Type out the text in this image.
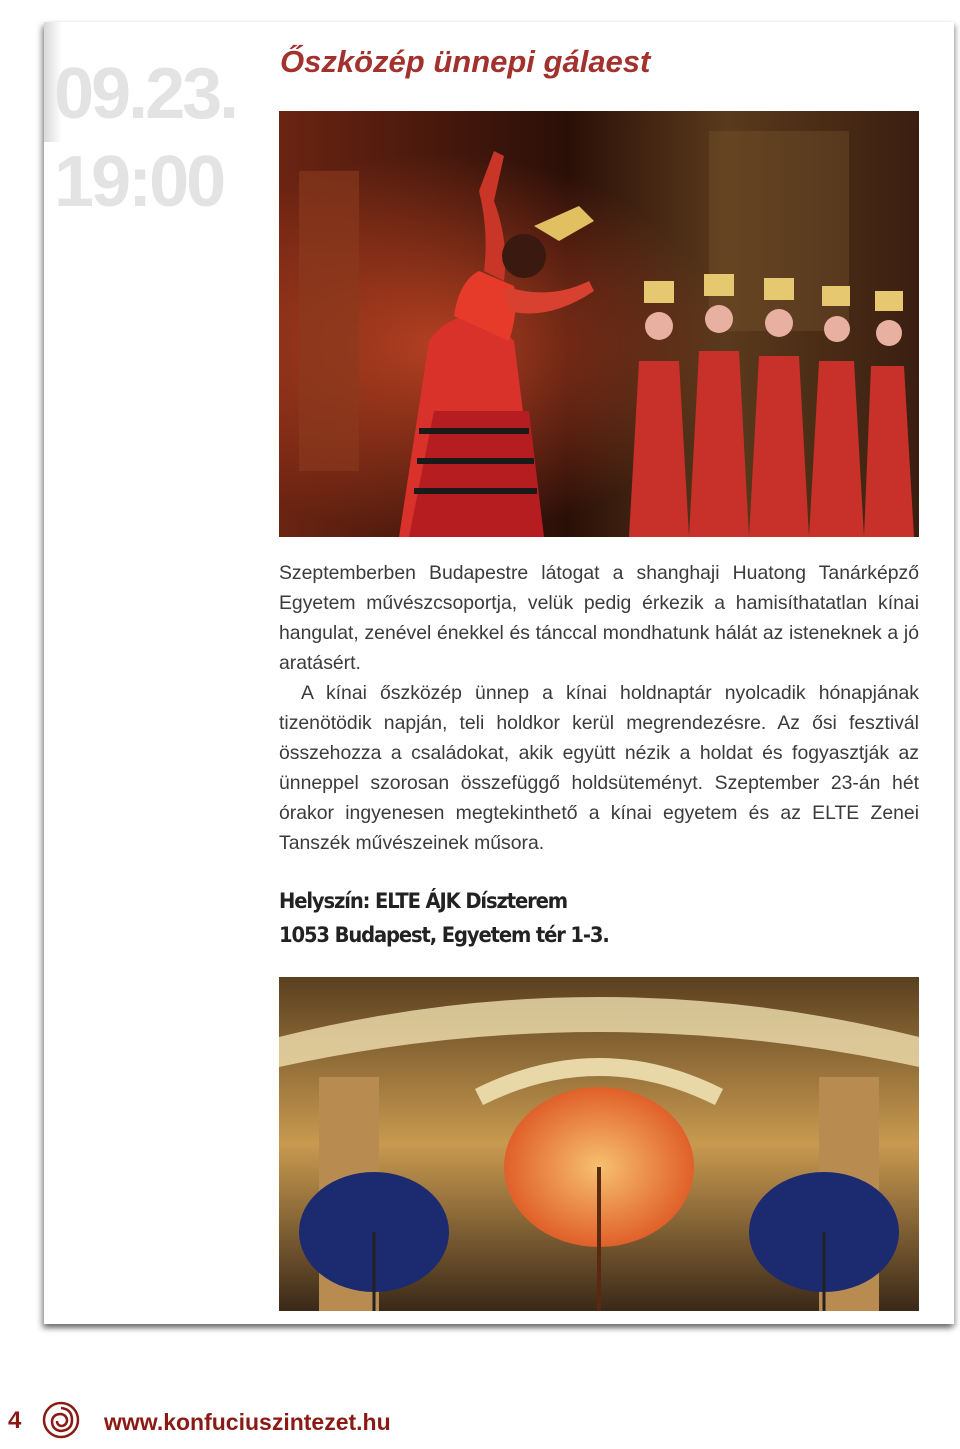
09.23.
19:00
Őszközép ünnepi gálaest

Szeptemberben Budapestre látogat a shanghaji Huatong Tanárképző Egyetem művészcsoportja, velük pedig érkezik a hamisíthatatlan kínai hangulat, zenével énekkel és tánccal mondhatunk hálát az isteneknek a jó aratásért.

A kínai őszközép ünnep a kínai holdnaptár nyolcadik hónapjának tizenötödik napján, teli holdkor kerül megrendezésre. Az ősi fesztivál összehozza a családokat, akik együtt nézik a holdat és fogyasztják az ünneppel szorosan összefüggő holdsüteményt. Szeptember 23-án hét órakor ingyenesen megtekinthető a kínai egyetem és az ELTE Zenei Tanszék művészeinek műsora.

Helyszín: ELTE ÁJK Díszterem
1053 Budapest, Egyetem tér 1-3.
4	www.konfuciuszintezet.hu
